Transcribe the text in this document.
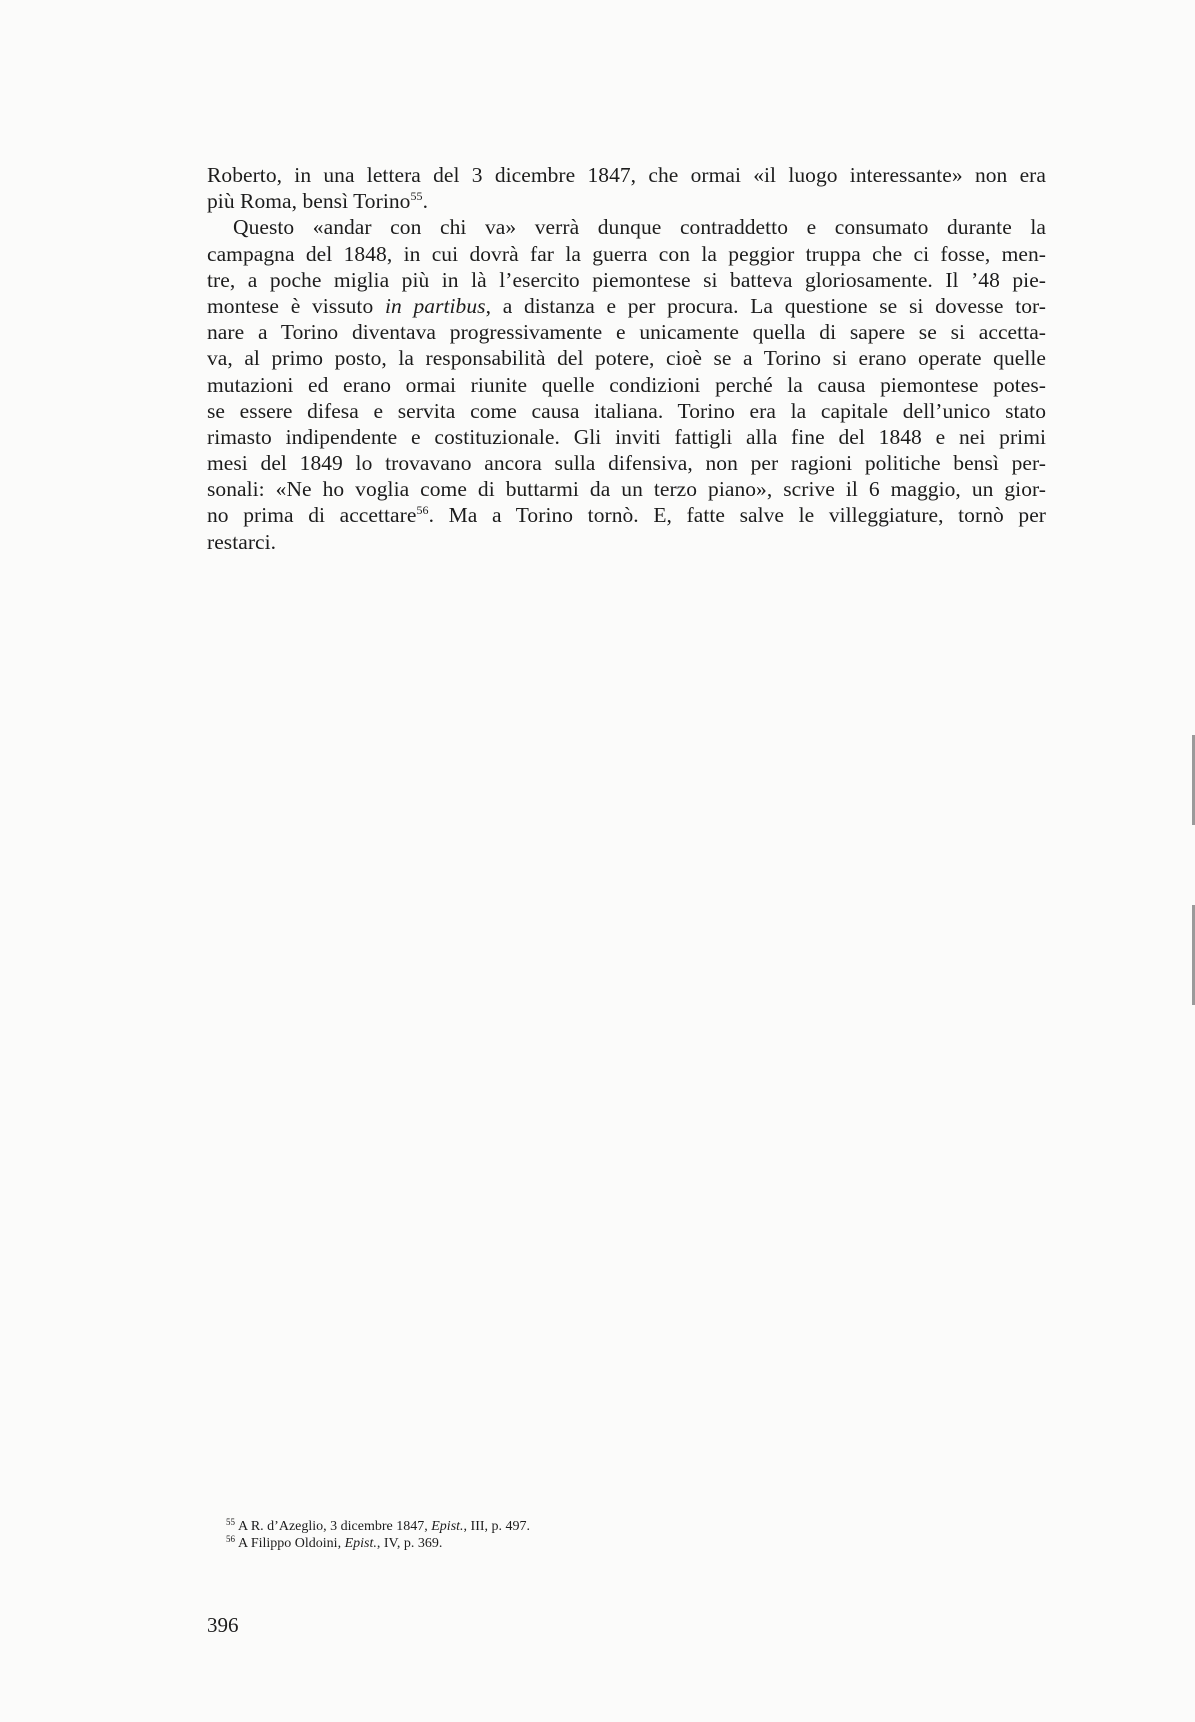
Roberto, in una lettera del 3 dicembre 1847, che ormai «il luogo interessante» non era
più Roma, bensì Torino$^{55}$.
Questo «andar con chi va» verrà dunque contraddetto e consumato durante la
campagna del 1848, in cui dovrà far la guerra con la peggior truppa che ci fosse, men-
tre, a poche miglia più in là l’esercito piemontese si batteva gloriosamente. Il ’48 pie-
montese è vissuto in partibus, a distanza e per procura. La questione se si dovesse tor-
nare a Torino diventava progressivamente e unicamente quella di sapere se si accetta-
va, al primo posto, la responsabilità del potere, cioè se a Torino si erano operate quelle
mutazioni ed erano ormai riunite quelle condizioni perché la causa piemontese potes-
se essere difesa e servita come causa italiana. Torino era la capitale dell’unico stato
rimasto indipendente e costituzionale. Gli inviti fattigli alla fine del 1848 e nei primi
mesi del 1849 lo trovavano ancora sulla difensiva, non per ragioni politiche bensì per-
sonali: «Ne ho voglia come di buttarmi da un terzo piano», scrive il 6 maggio, un gior-
no prima di accettare$^{56}$. Ma a Torino tornò. E, fatte salve le villeggiature, tornò per
restarci.
$^{55}$ A R. d’Azeglio, 3 dicembre 1847, Epist., III, p. 497.
$^{56}$ A Filippo Oldoini, Epist., IV, p. 369.
396
